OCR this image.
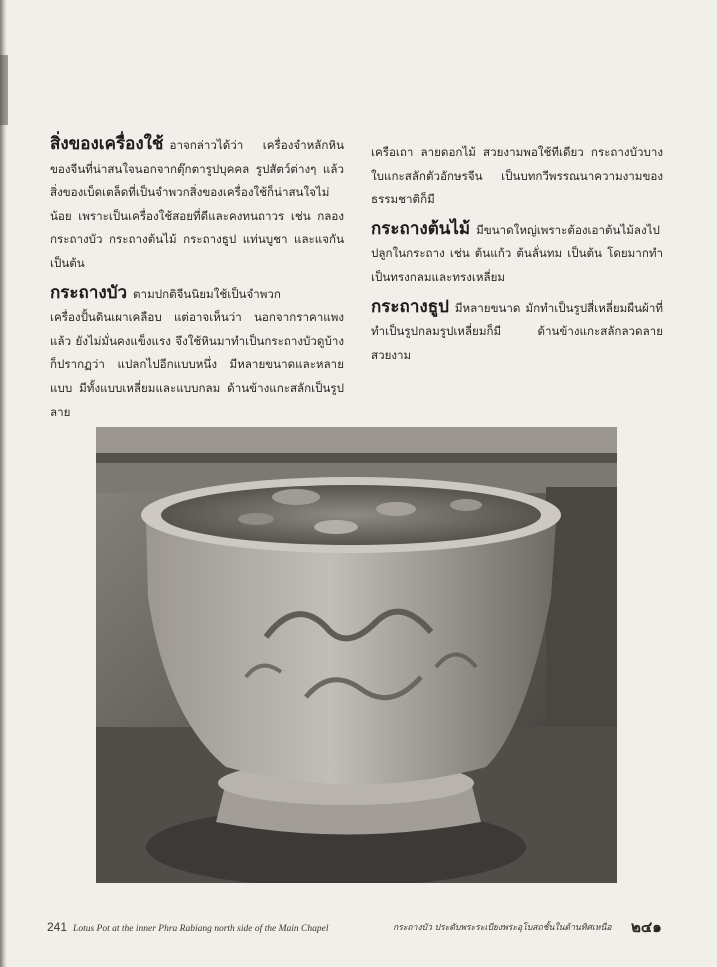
สิ่งของเครื่องใช้ อาจกล่าวได้ว่า เครื่องจำหลักหินของจีนที่น่าสนใจนอกจากตุ๊กตารูปบุคคล รูปสัตว์ต่างๆ แล้ว สิ่งของเบ็ดเตล็ดที่เป็นจำพวกสิ่งของเครื่องใช้ก็น่าสนใจไม่น้อย เพราะเป็นเครื่องใช้สอยที่ดีและคงทนถาวร เช่น กลอง กระถางบัว กระถางต้นไม้ กระถางธูป แท่นบูชา และแจกัน เป็นต้น

กระถางบัว ตามปกติจีนนิยมใช้เป็นจำพวกเครื่องปั้นดินเผาเคลือบ แต่อาจเห็นว่า นอกจากราคาแพงแล้ว ยังไม่มั่นคงแข็งแรง จึงใช้หินมาทำเป็นกระถางบัวดูบ้าง ก็ปรากฏว่า แปลกไปอีกแบบหนึ่ง มีหลายขนาดและหลายแบบ มีทั้งแบบเหลี่ยมและแบบกลม ด้านข้างแกะสลักเป็นรูปลาย

เครือเถา ลายดอกไม้ สวยงามพอใช้ทีเดียว กระถางบัวบางใบแกะสลักตัวอักษรจีน เป็นบทกวีพรรณนาความงามของธรรมชาติก็มี

กระถางต้นไม้ มีขนาดใหญ่เพราะต้องเอาต้นไม้ลงไปปลูกในกระถาง เช่น ต้นแก้ว ต้นลั่นทม เป็นต้น โดยมากทำเป็นทรงกลมและทรงเหลี่ยม

กระถางธูป มีหลายขนาด มักทำเป็นรูปสี่เหลี่ยมผืนผ้าที่ทำเป็นรูปกลมรูปเหลี่ยมก็มี ด้านข้างแกะสลักลวดลายสวยงาม

241 Lotus Pot at the inner Phra Rabiang north side of the Main Chapel	กระถางบัว ประดับพระระเบียงพระอุโบสถชั้นในด้านทิศเหนือ ๒๔๑
